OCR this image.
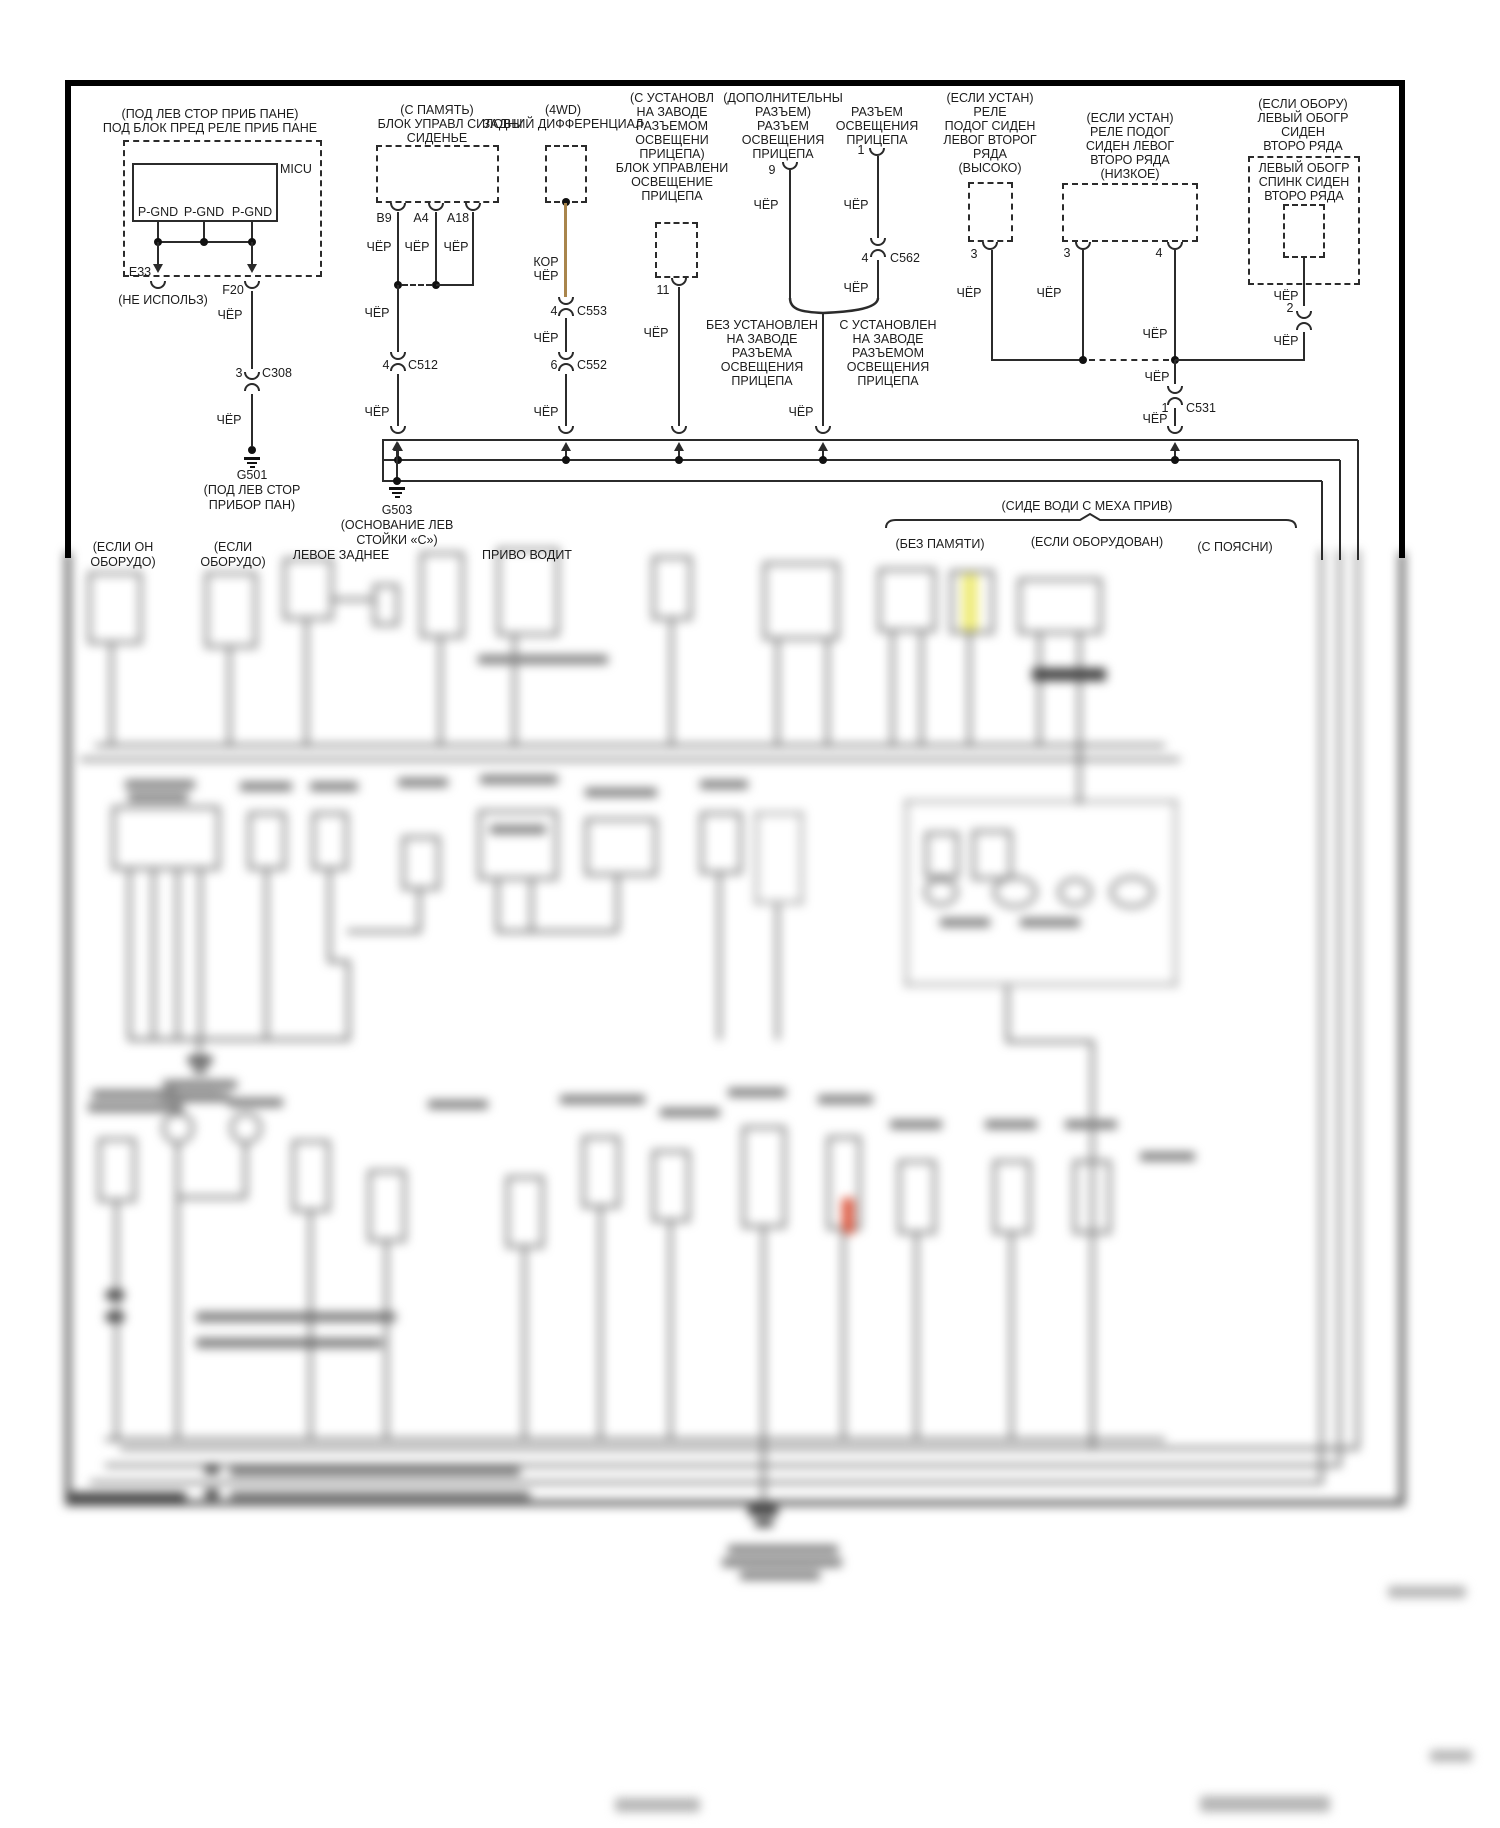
(ПОД ЛЕВ СТОР ПРИБ ПАНЕ)
ПОД БЛОК ПРЕД РЕЛЕ ПРИБ ПАНЕ
MICU
P-GND P-GND P-GND
E33
(НЕ ИСПОЛЬЗ)
F20
ЧЁР
3 C308
ЧЁР
G501
(ПОД ЛЕВ СТОР
ПРИБОР ПАН)
(С ПАМЯТЬ)
БЛОК УПРАВЛ СИЛОВЫ
СИДЕНЬЕ
B9 A4 A18
ЧЁР ЧЁР ЧЁР
ЧЁР
4 C512
ЧЁР
(4WD)
ЗАДНИЙ ДИФФЕРЕНЦИАЛ
КОР
ЧЁР
4 C553
ЧЁР
6 C552
ЧЁР
(С УСТАНОВЛ
НА ЗАВОДЕ
РАЗЪЕМОМ
ОСВЕЩЕНИ
ПРИЦЕПА)
БЛОК УПРАВЛЕНИ
ОСВЕЩЕНИЕ
ПРИЦЕПА
11
ЧЁР
(ДОПОЛНИТЕЛЬНЫ
РАЗЪЕМ)
РАЗЪЕМ
ОСВЕЩЕНИЯ
ПРИЦЕПА
9
ЧЁР
РАЗЪЕМ
ОСВЕЩЕНИЯ
ПРИЦЕПА
1
ЧЁР
4 C562
ЧЁР
ЧЁР
БЕЗ УСТАНОВЛЕН
НА ЗАВОДЕ
РАЗЪЕМА
ОСВЕЩЕНИЯ
ПРИЦЕПА
С УСТАНОВЛЕН
НА ЗАВОДЕ
РАЗЪЕМОМ
ОСВЕЩЕНИЯ
ПРИЦЕПА
(ЕСЛИ УСТАН)
РЕЛЕ
ПОДОГ СИДЕН
ЛЕВОГ ВТОРОГ
РЯДА
(ВЫСОКО)
3
ЧЁР
(ЕСЛИ УСТАН)
РЕЛЕ ПОДОГ
СИДЕН ЛЕВОГ
ВТОРО РЯДА
(НИЗКОЕ)
3	4
ЧЁР
ЧЁР
ЧЁР
1 C531
ЧЁР
(ЕСЛИ ОБОРУ)
ЛЕВЫЙ ОБОГР
СИДЕН
ВТОРО РЯДА
ЛЕВЫЙ ОБОГР
СПИНК СИДЕН
ВТОРО РЯДА
ЧЁР
2
ЧЁР
G503
(ОСНОВАНИЕ ЛЕВ
СТОЙКИ «С»)
(ЕСЛИ ОН
ОБОРУДО)
(ЕСЛИ
ОБОРУДО) ЛЕВОЕ ЗАДНЕЕ	ПРИВО ВОДИТ
(СИДЕ ВОДИ С МЕХА ПРИВ)
(БЕЗ ПАМЯТИ)	(ЕСЛИ ОБОРУДОВАН)	(С ПОЯСНИ)
